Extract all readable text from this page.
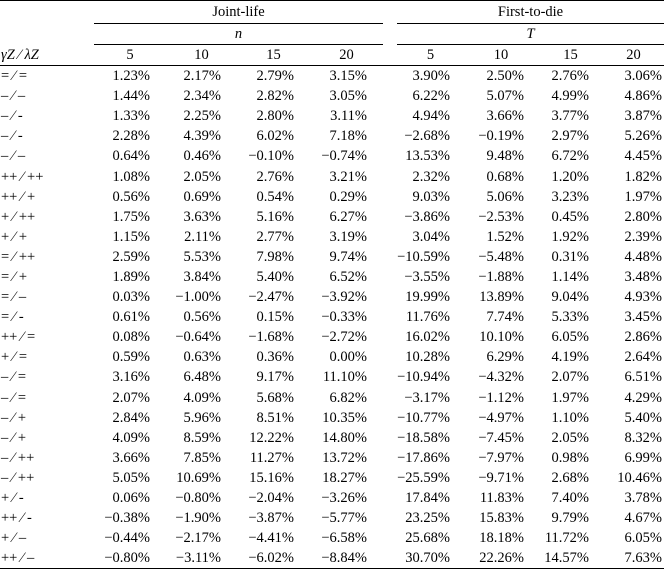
	Joint-life					First-to-die			
	n					T			
γZ ⁄ λZ	5	10	15	20		5	10	15	20
= ⁄ =	1.23%	2.17%	2.79%	3.15%		3.90%	2.50%	2.76%	3.06%
– ⁄ –	1.44%	2.34%	2.82%	3.05%		6.22%	5.07%	4.99%	4.86%
– ⁄ -	1.33%	2.25%	2.80%	3.11%		4.94%	3.66%	3.77%	3.87%
– ⁄ -	2.28%	4.39%	6.02%	7.18%		−2.68%	−0.19%	2.97%	5.26%
– ⁄ –	0.64%	0.46%	−0.10%	−0.74%		13.53%	9.48%	6.72%	4.45%
++ ⁄ ++	1.08%	2.05%	2.76%	3.21%		2.32%	0.68%	1.20%	1.82%
++ ⁄ +	0.56%	0.69%	0.54%	0.29%		9.03%	5.06%	3.23%	1.97%
+ ⁄ ++	1.75%	3.63%	5.16%	6.27%		−3.86%	−2.53%	0.45%	2.80%
+ ⁄ +	1.15%	2.11%	2.77%	3.19%		3.04%	1.52%	1.92%	2.39%
= ⁄ ++	2.59%	5.53%	7.98%	9.74%		−10.59%	−5.48%	0.31%	4.48%
= ⁄ +	1.89%	3.84%	5.40%	6.52%		−3.55%	−1.88%	1.14%	3.48%
= ⁄ –	0.03%	−1.00%	−2.47%	−3.92%		19.99%	13.89%	9.04%	4.93%
= ⁄ -	0.61%	0.56%	0.15%	−0.33%		11.76%	7.74%	5.33%	3.45%
++ ⁄ =	0.08%	−0.64%	−1.68%	−2.72%		16.02%	10.10%	6.05%	2.86%
+ ⁄ =	0.59%	0.63%	0.36%	0.00%		10.28%	6.29%	4.19%	2.64%
– ⁄ =	3.16%	6.48%	9.17%	11.10%		−10.94%	−4.32%	2.07%	6.51%
– ⁄ =	2.07%	4.09%	5.68%	6.82%		−3.17%	−1.12%	1.97%	4.29%
– ⁄ +	2.84%	5.96%	8.51%	10.35%		−10.77%	−4.97%	1.10%	5.40%
– ⁄ +	4.09%	8.59%	12.22%	14.80%		−18.58%	−7.45%	2.05%	8.32%
– ⁄ ++	3.66%	7.85%	11.27%	13.72%		−17.86%	−7.97%	0.98%	6.99%
– ⁄ ++	5.05%	10.69%	15.16%	18.27%		−25.59%	−9.71%	2.68%	10.46%
+ ⁄ -	0.06%	−0.80%	−2.04%	−3.26%		17.84%	11.83%	7.40%	3.78%
++ ⁄ -	−0.38%	−1.90%	−3.87%	−5.77%		23.25%	15.83%	9.79%	4.67%
+ ⁄ –	−0.44%	−2.17%	−4.41%	−6.58%		25.68%	18.18%	11.72%	6.05%
++ ⁄ –	−0.80%	−3.11%	−6.02%	−8.84%		30.70%	22.26%	14.57%	7.63%
